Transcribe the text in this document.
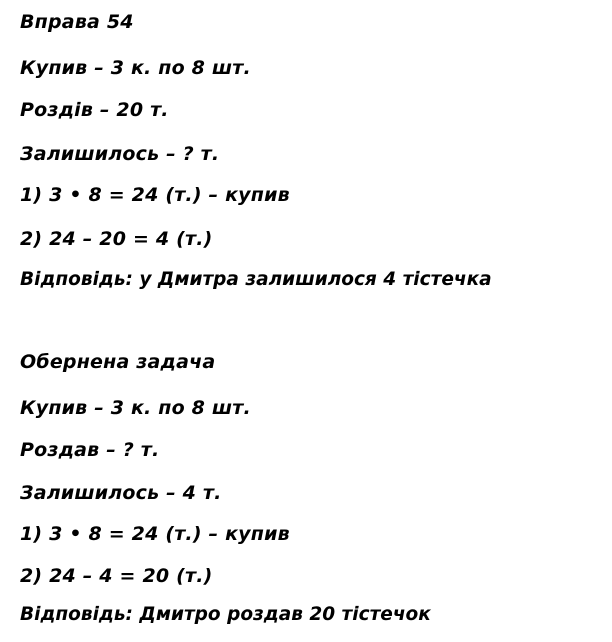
Вправа 54
Купив – 3 к. по 8 шт.
Роздів – 20 т.
Залишилось – ? т.
1) 3 • 8 = 24 (т.) – купив
2) 24 – 20 = 4 (т.)
Відповідь: у Дмитра залишилося 4 тістечка
Обернена задача
Купив – 3 к. по 8 шт.
Роздав – ? т.
Залишилось – 4 т.
1) 3 • 8 = 24 (т.) – купив
2) 24 – 4 = 20 (т.)
Відповідь: Дмитро роздав 20 тістечок
